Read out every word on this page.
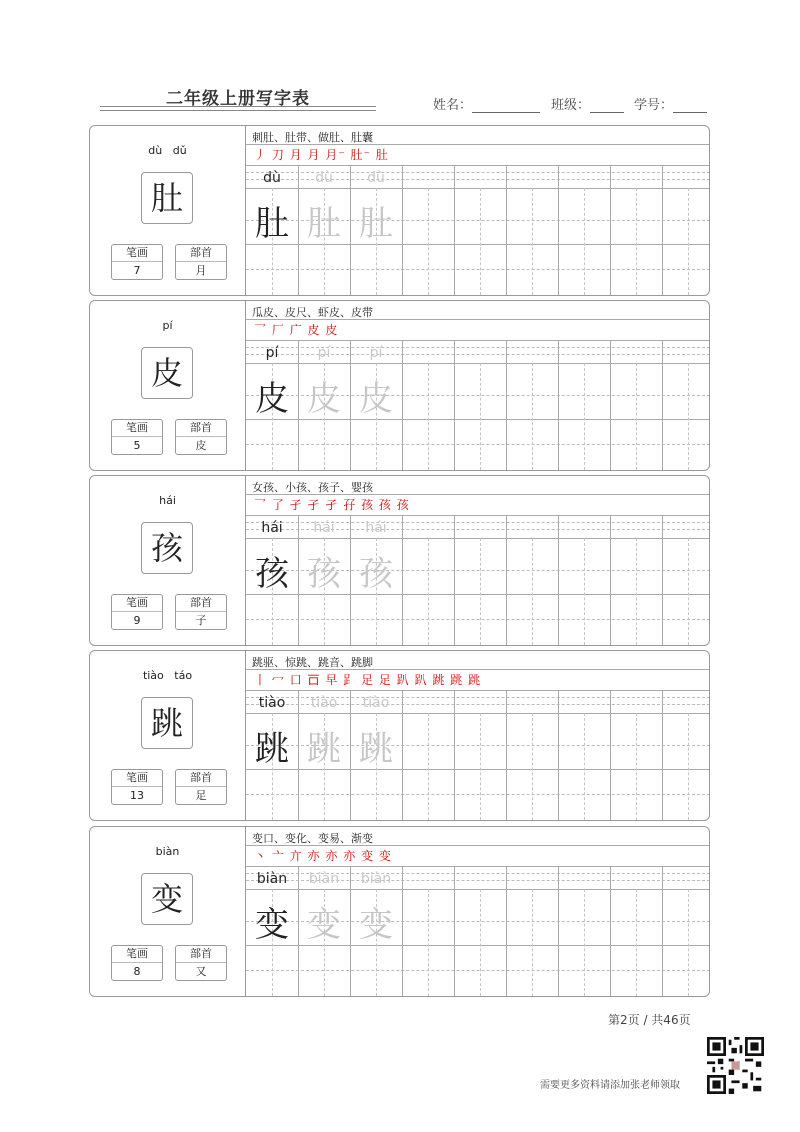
二年级上册写字表	姓名：	班级：	学号：
dù   dǔ
肚
笔画
7
部首
月
刺肚、肚带、做肚、肚囊
丿 刀 月 月 月⁻ 肚⁻ 肚
dù
肚
dù
肚
dù
肚
pí
皮
笔画
5
部首
皮
瓜皮、皮尺、虾皮、皮带
乛 厂 广 皮 皮
pí
皮
pí
皮
pí
皮
hái
孩
笔画
9
部首
子
女孩、小孩、孩子、婴孩
乛 了 孑 孑 孑 孖 孩 孩 孩
hái
孩
hái
孩
hái
孩
tiào   táo
跳
笔画
13
部首
足
跳驱、惊跳、跳音、跳脚
丨 冖 口 𠮛 早 𧾷 足 足 趴 趴 跳 跳 跳
tiào
跳
tiào
跳
tiào
跳
biàn
变
笔画
8
部首
又
变口、变化、变易、渐变
丶 亠 亣 亦 亦 亦 变 变
biàn
变
biàn
变
biàn
变
第2页 / 共46页
需要更多资料请添加张老师领取
